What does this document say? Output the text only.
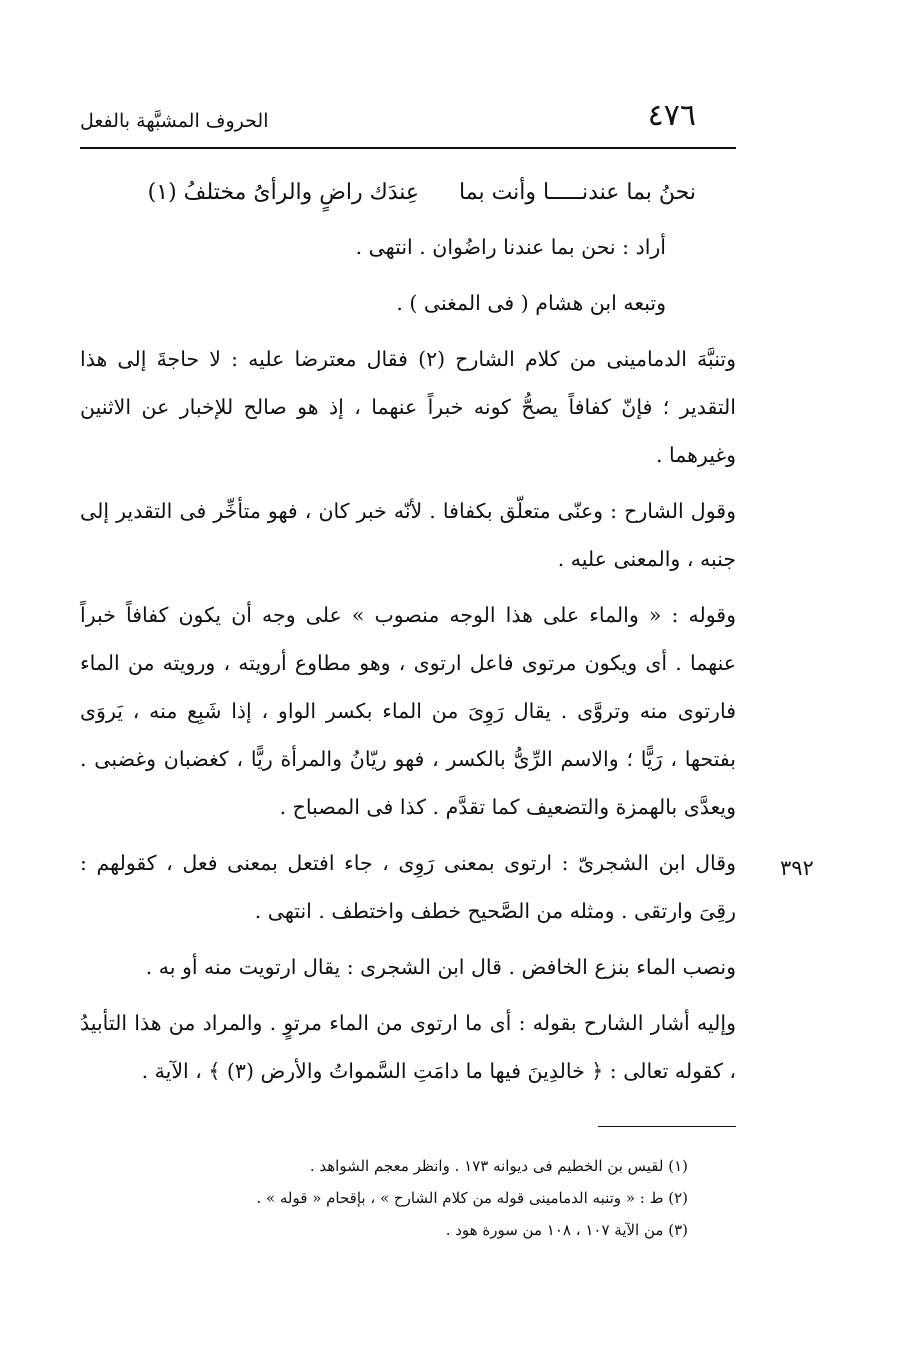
٤٧٦
الحروف المشبَّهة بالفعل
نحنُ بما عندنـــــا وأنت بما
عِندَك راضٍ والرأىُ مختلفُ (١)

أراد : نحن بما عندنا راضُوان . انتهى .

وتبعه ابن هشام ( فى المغنى ) .

وتنبَّهَ الدمامينى من كلام الشارح (٢) فقال معترضا عليه : لا حاجةَ إلى هذا التقدير ؛ فإنّ كفافاً يصحُّ كونه خبراً عنهما ، إذ هو صالح للإخبار عن الاثنين وغيرهما .

وقول الشارح : وعنّى متعلّق بكفافا . لأنّه خبر كان ، فهو متأخِّر فى التقدير إلى جنبه ، والمعنى عليه .

وقوله : « والماء على هذا الوجه منصوب » على وجه أن يكون كفافاً خبراً عنهما . أى ويكون مرتوى فاعل ارتوى ، وهو مطاوع أرويته ، ورويته من الماء فارتوى منه وتروَّى . يقال رَوِىَ من الماء بكسر الواو ، إذا شَبِع منه ، يَروَى بفتحها ، رَيًّا ؛ والاسم الرِّىُّ بالكسر ، فهو ريّانُ والمرأة ريًّا ، كغضبان وغضبى . ويعدَّى بالهمزة والتضعيف كما تقدَّم . كذا فى المصباح .

وقال ابن الشجرىّ : ارتوى بمعنى رَوِى ، جاء افتعل بمعنى فعل ، كقولهم : رقِىَ وارتقى . ومثله من الصَّحيح خطف واختطف . انتهى .

ونصب الماء بنزع الخافض . قال ابن الشجرى : يقال ارتويت منه أو به .

وإليه أشار الشارح بقوله : أى ما ارتوى من الماء مرتوٍ . والمراد من هذا التأبيدُ ، كقوله تعالى : ﴿ خالدِينَ فيها ما دامَتِ السَّمواتُ والأرض (٣) ﴾ ، الآية .

٣٩٢
(١) لقيس بن الخطيم فى ديوانه ١٧٣ . وانظر معجم الشواهد .
(٢) ط : « وتنبه الدمامينى قوله من كلام الشارح » ، بإقحام « قوله » .
(٣) من الآية ١٠٧ ، ١٠٨ من سورة هود .
